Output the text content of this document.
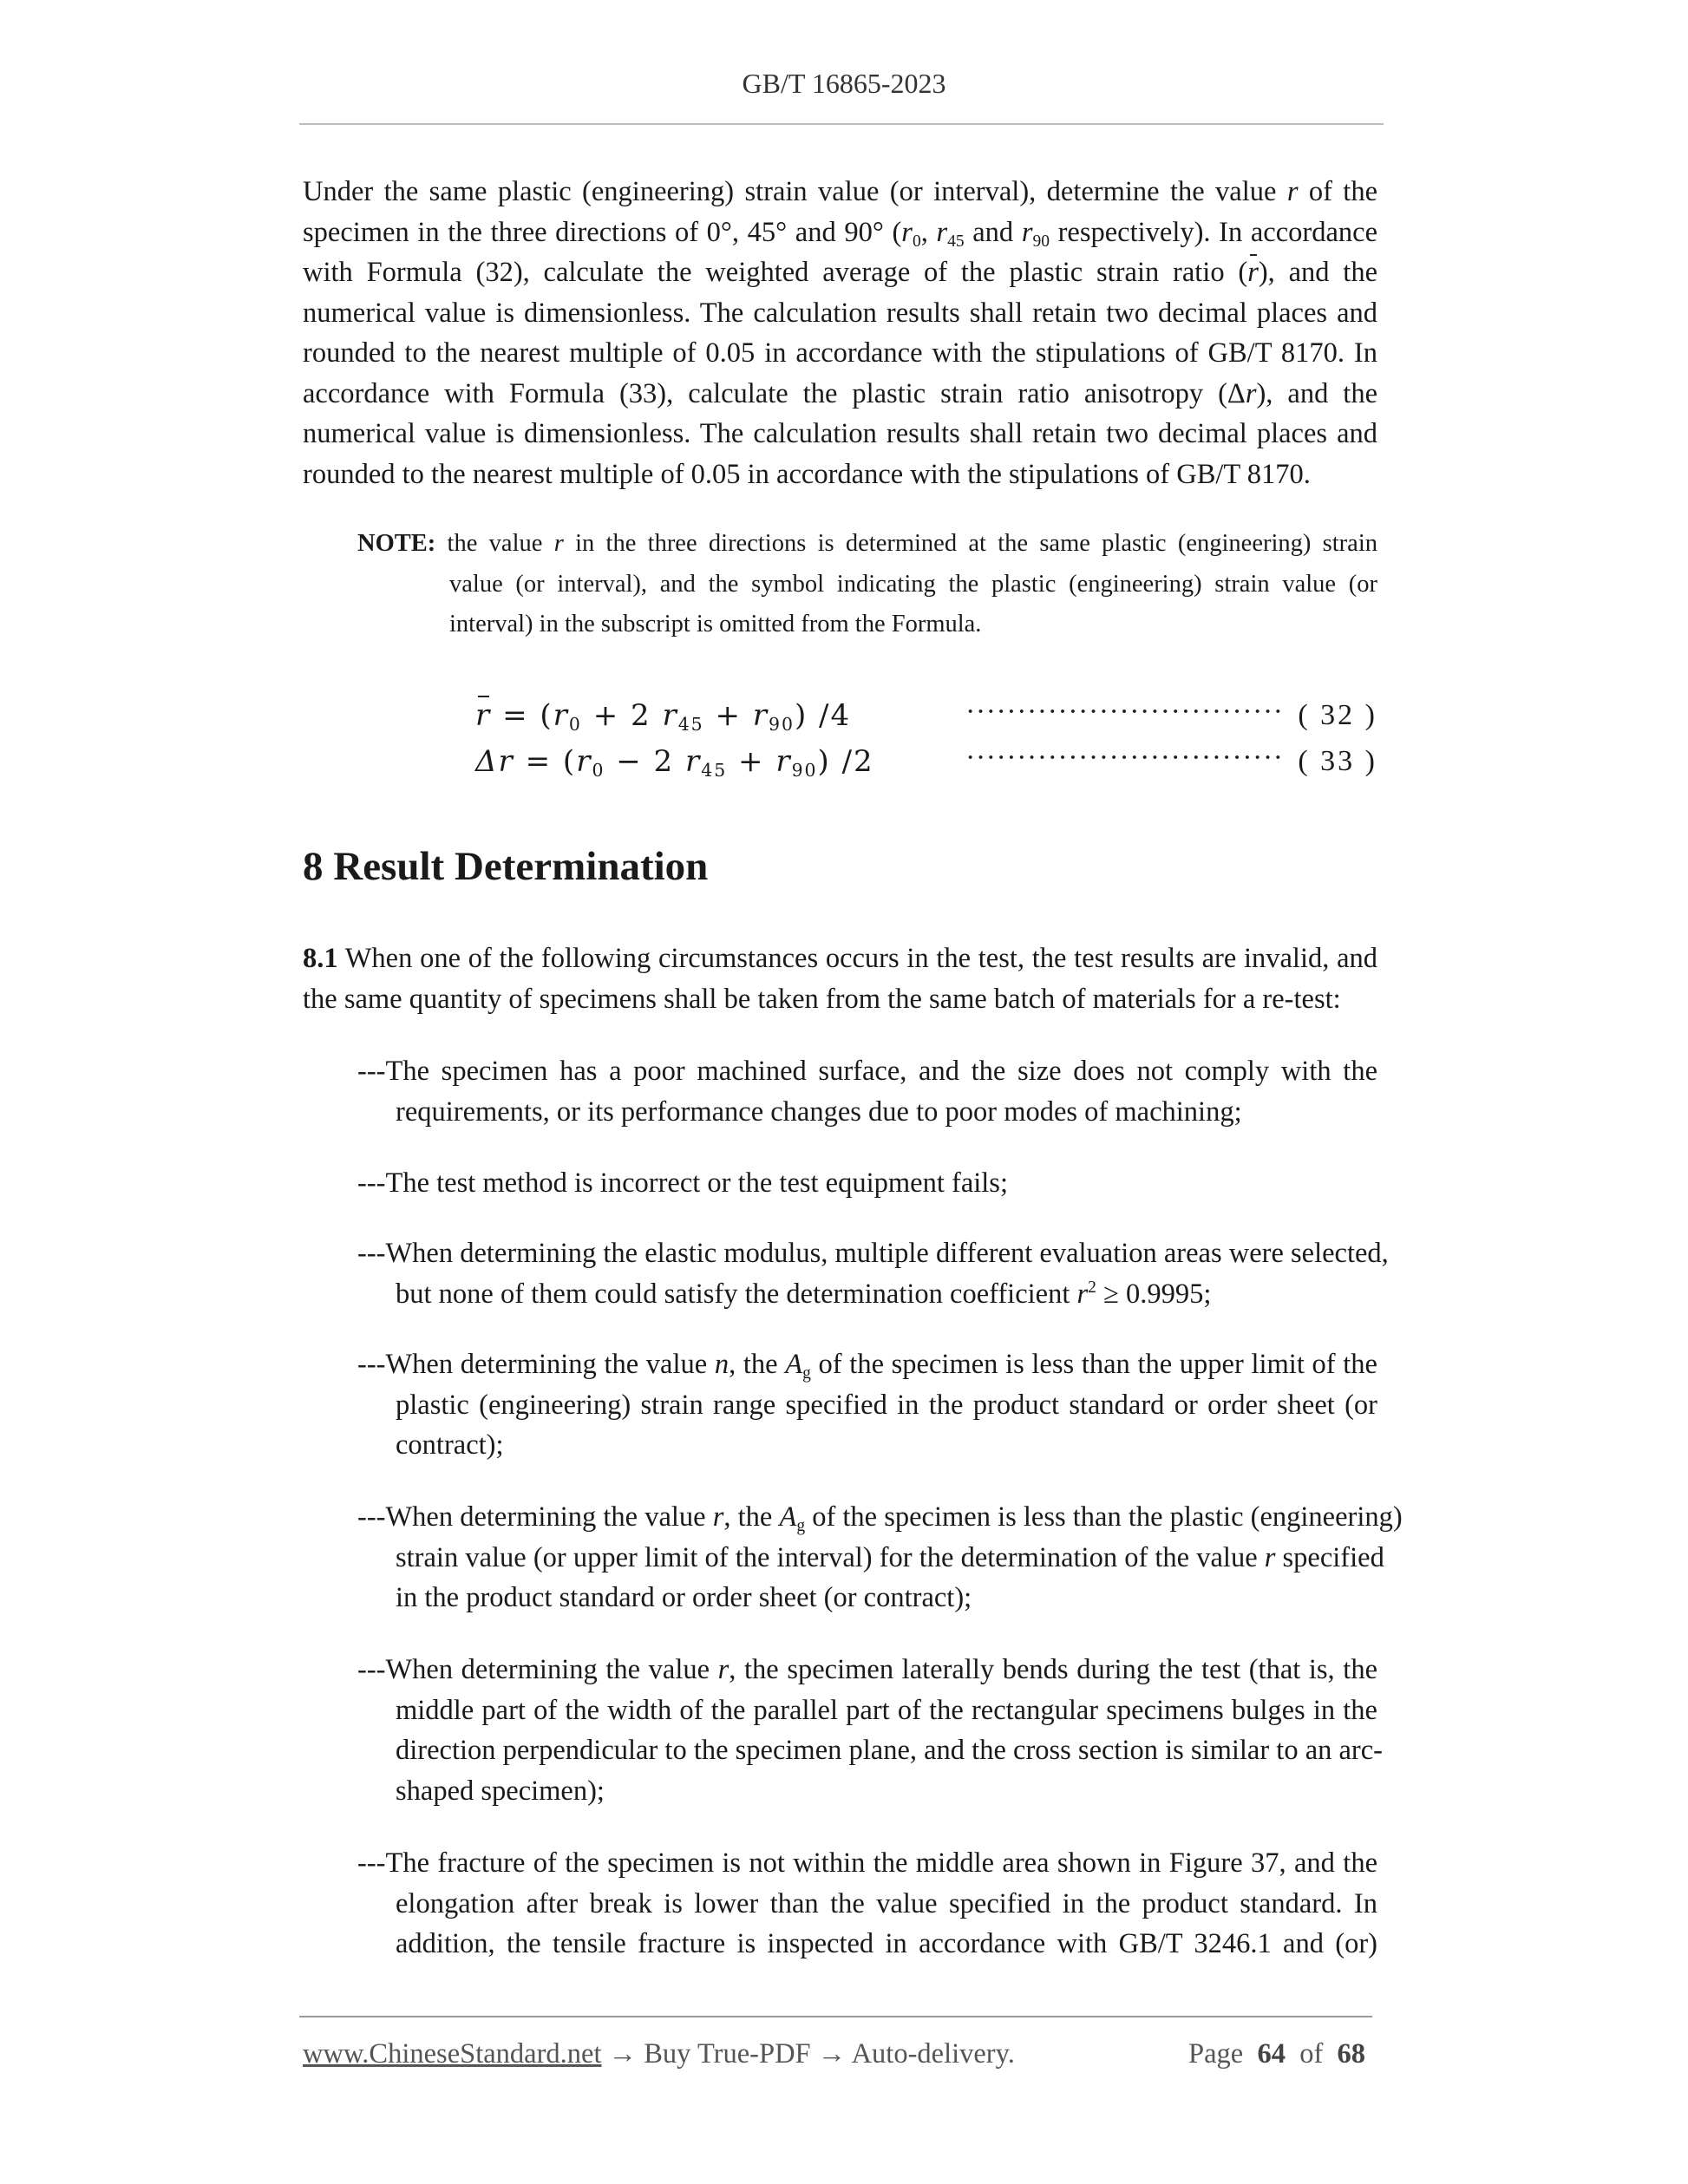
GB/T 16865-2023
Under the same plastic (engineering) strain value (or interval), determine the value r of the
specimen in the three directions of 0°, 45° and 90° ($r_0$, $r_{45}$ and $r_{90}$ respectively). In accordance
with Formula (32), calculate the weighted average of the plastic strain ratio (r), and the
numerical value is dimensionless. The calculation results shall retain two decimal places and
rounded to the nearest multiple of 0.05 in accordance with the stipulations of GB/T 8170. In
accordance with Formula (33), calculate the plastic strain ratio anisotropy (Δr), and the
numerical value is dimensionless. The calculation results shall retain two decimal places and
rounded to the nearest multiple of 0.05 in accordance with the stipulations of GB/T 8170.
NOTE: the value r in the three directions is determined at the same plastic (engineering) strain
value (or interval), and the symbol indicating the plastic (engineering) strain value (or
interval) in the subscript is omitted from the Formula.
$r = (r_0 + 2$ $r_{45} + r_{90}$) /4	······························· ( 32 )
$\Delta r = (r_0 - 2$ $r_{45} + r_{90}$) /2	······························· ( 33 )
8 Result Determination
8.1 When one of the following circumstances occurs in the test, the test results are invalid, and
the same quantity of specimens shall be taken from the same batch of materials for a re-test:
---The specimen has a poor machined surface, and the size does not comply with the
requirements, or its performance changes due to poor modes of machining;
---The test method is incorrect or the test equipment fails;
---When determining the elastic modulus, multiple different evaluation areas were selected,
but none of them could satisfy the determination coefficient $r^2 \ge 0.9995$;
---When determining the value n, the $A_g$ of the specimen is less than the upper limit of the
plastic (engineering) strain range specified in the product standard or order sheet (or
contract);
---When determining the value r, the $A_g$ of the specimen is less than the plastic (engineering)
strain value (or upper limit of the interval) for the determination of the value r specified
in the product standard or order sheet (or contract);
---When determining the value r, the specimen laterally bends during the test (that is, the
middle part of the width of the parallel part of the rectangular specimens bulges in the
direction perpendicular to the specimen plane, and the cross section is similar to an arc-
shaped specimen);
---The fracture of the specimen is not within the middle area shown in Figure 37, and the
elongation after break is lower than the value specified in the product standard. In
addition, the tensile fracture is inspected in accordance with GB/T 3246.1 and (or)
www.ChineseStandard.net → Buy True-PDF → Auto-delivery.	Page 64 of 68
